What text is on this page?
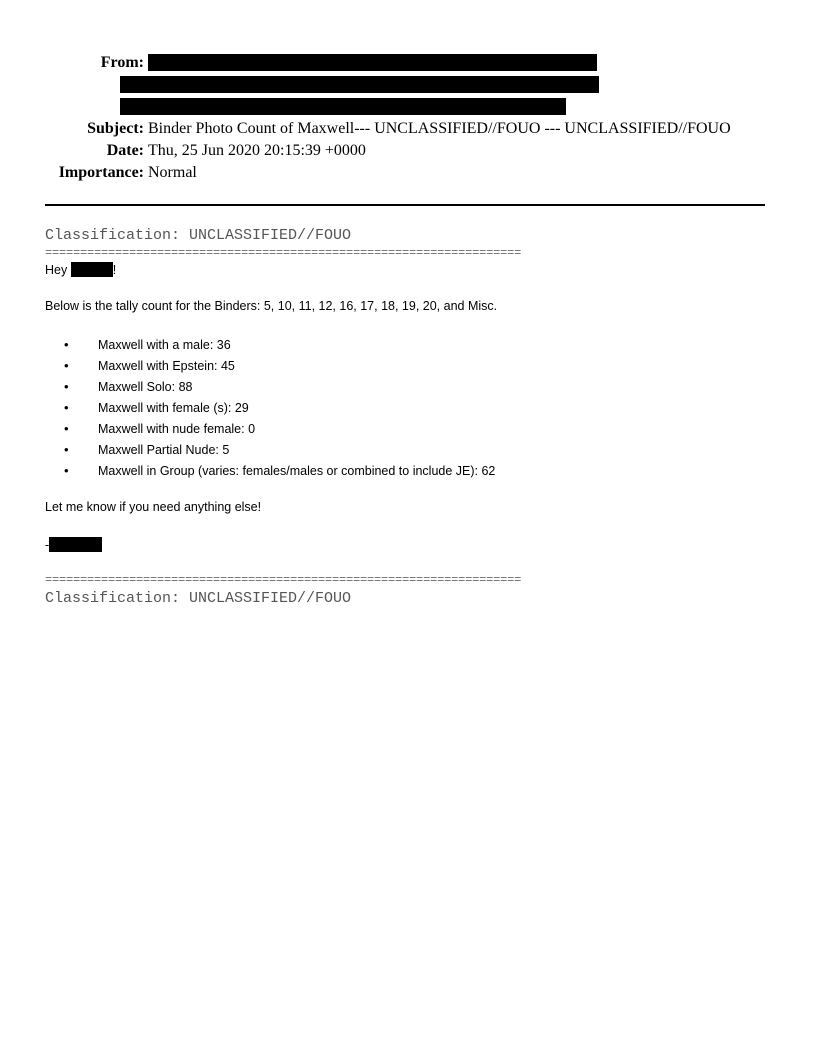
From:
Subject: Binder Photo Count of Maxwell--- UNCLASSIFIED//FOUO --- UNCLASSIFIED//FOUO
Date: Thu, 25 Jun 2020 20:15:39 +0000
Importance: Normal
Classification: UNCLASSIFIED//FOUO
====================================================================
Hey	!
Below is the tally count for the Binders: 5, 10, 11, 12, 16, 17, 18, 19, 20, and Misc.
• Maxwell with a male: 36
• Maxwell with Epstein: 45
• Maxwell Solo: 88
• Maxwell with female (s): 29
• Maxwell with nude female: 0
• Maxwell Partial Nude: 5
• Maxwell in Group (varies: females/males or combined to include JE): 62
Let me know if you need anything else!
-
====================================================================
Classification: UNCLASSIFIED//FOUO
